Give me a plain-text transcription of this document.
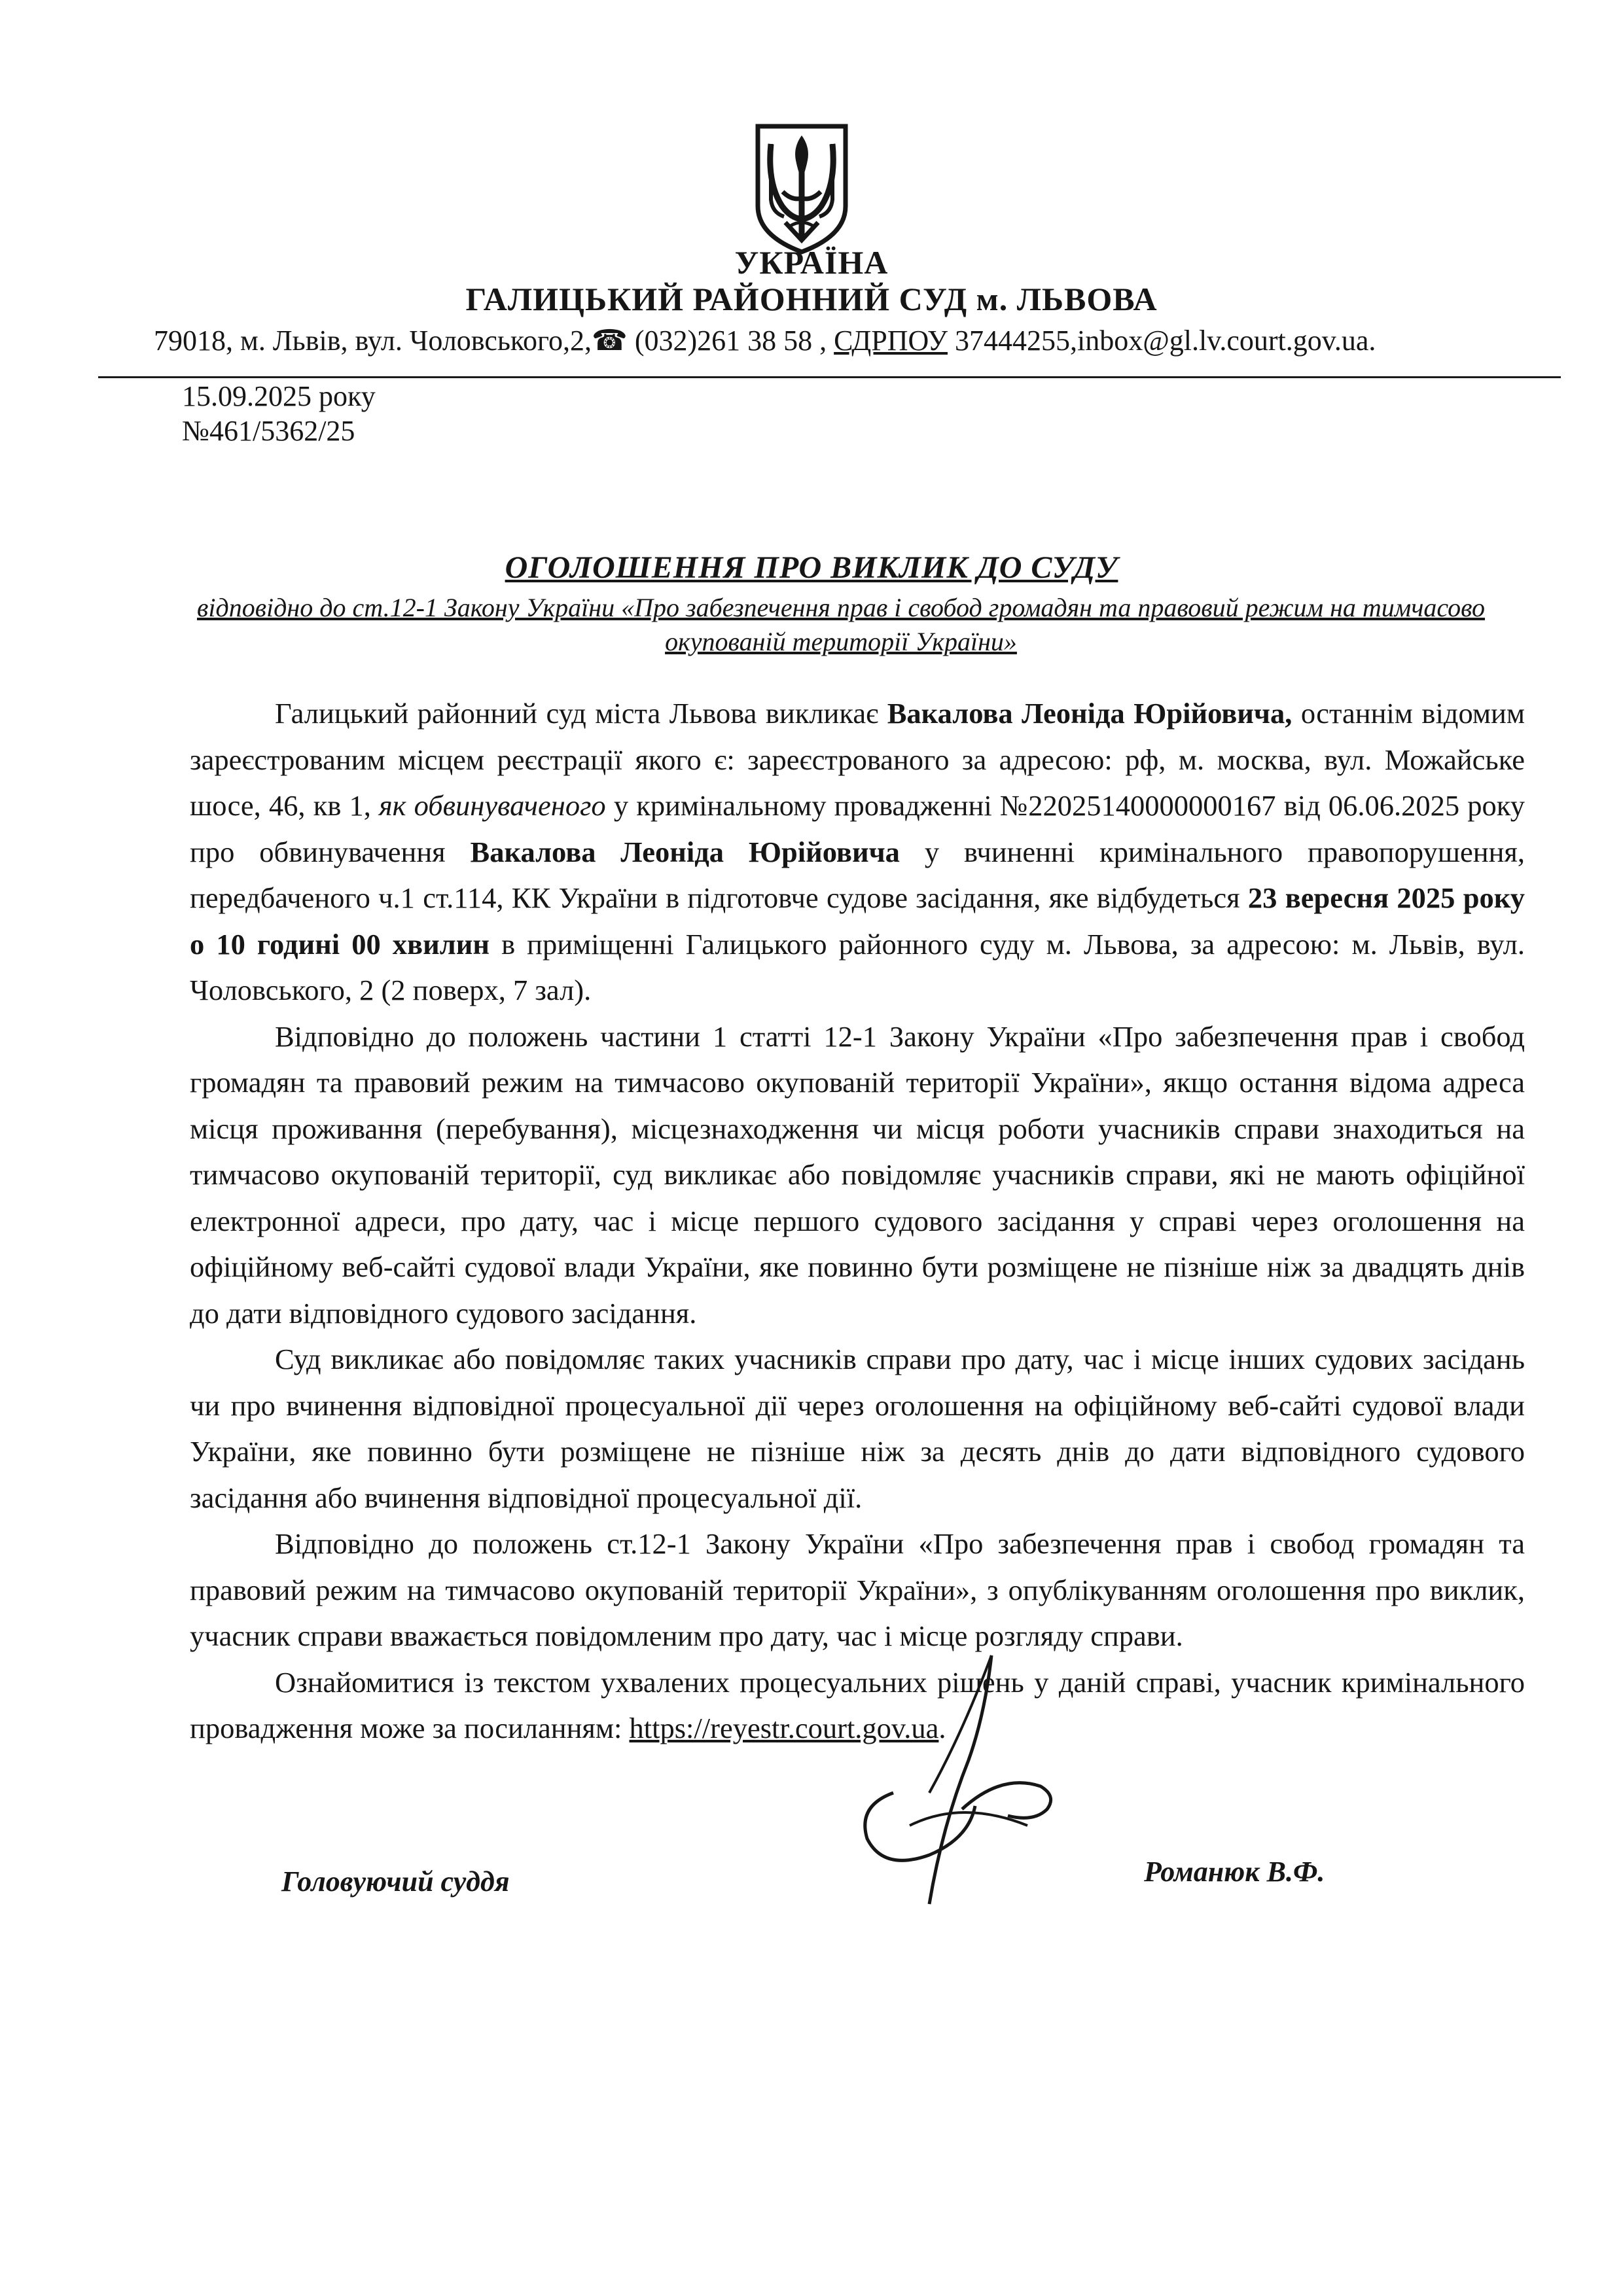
УКРАЇНА
ГАЛИЦЬКИЙ РАЙОННИЙ СУД м. ЛЬВОВА
79018, м. Львів, вул. Чоловського,2,☎ (032)261 38 58 , СДРПОУ 37444255,inbox@gl.lv.court.gov.ua.
15.09.2025 року
№461/5362/25
ОГОЛОШЕННЯ ПРО ВИКЛИК ДО СУДУ
відповідно до ст.12-1 Закону України «Про забезпечення прав і свобод громадян та правовий режим на тимчасово окупованій території України»

Галицький районний суд міста Львова викликає Вакалова Леоніда Юрійовича, останнім відомим зареєстрованим місцем реєстрації якого є: зареєстрованого за адресою: рф, м. москва, вул. Можайське шосе, 46, кв 1, як обвинуваченого у кримінальному провадженні №22025140000000167 від 06.06.2025 року про обвинувачення Вакалова Леоніда Юрійовича у вчиненні кримінального правопорушення, передбаченого ч.1 ст.114, КК України в підготовче судове засідання, яке відбудеться 23 вересня 2025 року о 10 годині 00 хвилин в приміщенні Галицького районного суду м. Львова, за адресою: м. Львів, вул. Чоловського, 2 (2 поверх, 7 зал).

Відповідно до положень частини 1 статті 12-1 Закону України «Про забезпечення прав і свобод громадян та правовий режим на тимчасово окупованій території України», якщо остання відома адреса місця проживання (перебування), місцезнаходження чи місця роботи учасників справи знаходиться на тимчасово окупованій території, суд викликає або повідомляє учасників справи, які не мають офіційної електронної адреси, про дату, час і місце першого судового засідання у справі через оголошення на офіційному веб-сайті судової влади України, яке повинно бути розміщене не пізніше ніж за двадцять днів до дати відповідного судового засідання.

Суд викликає або повідомляє таких учасників справи про дату, час і місце інших судових засідань чи про вчинення відповідної процесуальної дії через оголошення на офіційному веб-сайті судової влади України, яке повинно бути розміщене не пізніше ніж за десять днів до дати відповідного судового засідання або вчинення відповідної процесуальної дії.

Відповідно до положень ст.12-1 Закону України «Про забезпечення прав і свобод громадян та правовий режим на тимчасово окупованій території України», з опублікуванням оголошення про виклик, учасник справи вважається повідомленим про дату, час і місце розгляду справи.

Ознайомитися із текстом ухвалених процесуальних рішень у даній справі, учасник кримінального провадження може за посиланням: https://reyestr.court.gov.ua.

Головуючий суддя	Романюк В.Ф.
